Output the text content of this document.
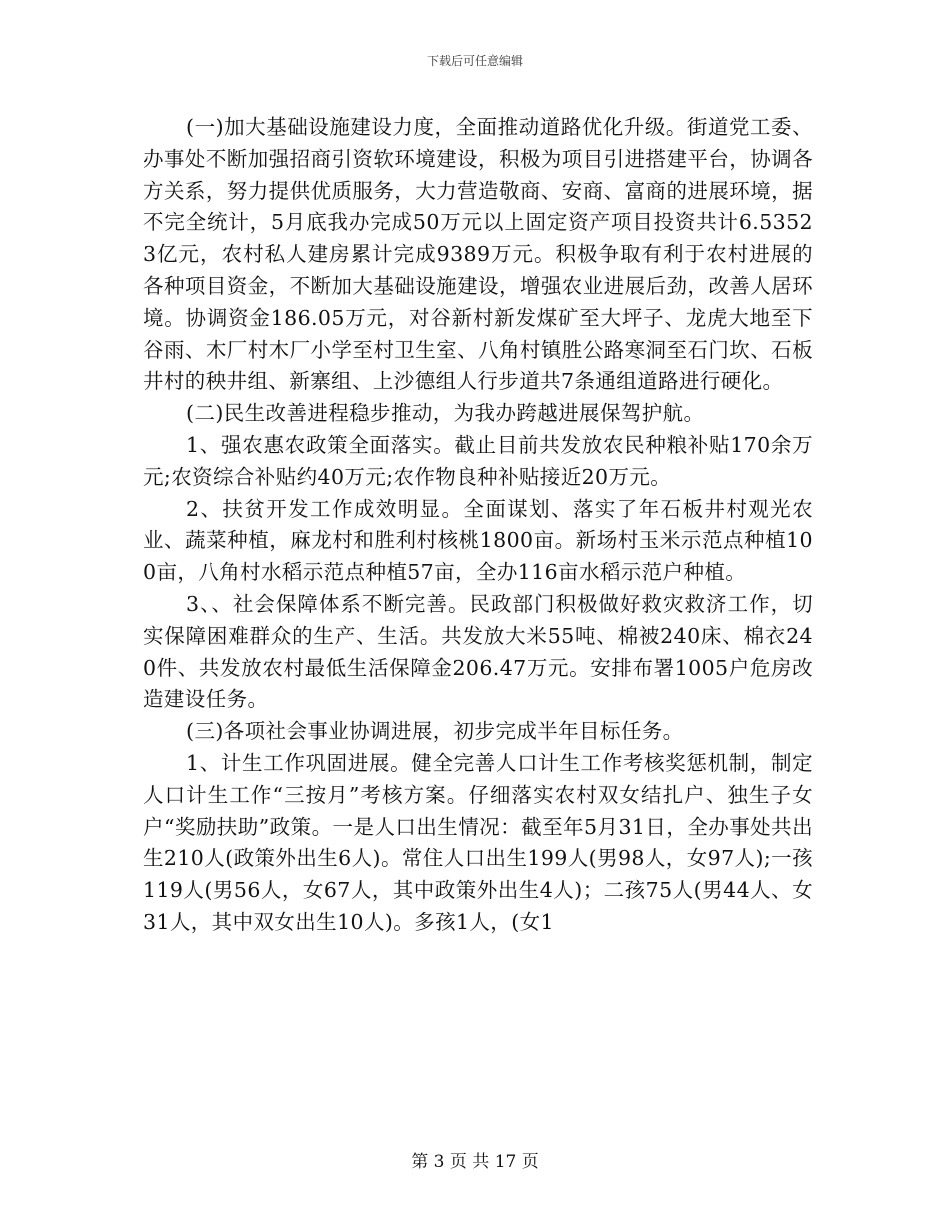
下载后可任意编辑

(一)加大基础设施建设力度，全面推动道路优化升级。街道党工委、办事处不断加强招商引资软环境建设，积极为项目引进搭建平台，协调各方关系，努力提供优质服务，大力营造敬商、安商、富商的进展环境，据不完全统计，5月底我办完成50万元以上固定资产项目投资共计6.53523亿元，农村私人建房累计完成9389万元。积极争取有利于农村进展的各种项目资金，不断加大基础设施建设，增强农业进展后劲，改善人居环境。协调资金186.05万元，对谷新村新发煤矿至大坪子、龙虎大地至下谷雨、木厂村木厂小学至村卫生室、八角村镇胜公路寒洞至石门坎、石板井村的秧井组、新寨组、上沙德组人行步道共7条通组道路进行硬化。

(二)民生改善进程稳步推动，为我办跨越进展保驾护航。

1、强农惠农政策全面落实。截止目前共发放农民种粮补贴170余万元;农资综合补贴约40万元;农作物良种补贴接近20万元。

2、扶贫开发工作成效明显。全面谋划、落实了年石板井村观光农业、蔬菜种植，麻龙村和胜利村核桃1800亩。新场村玉米示范点种植100亩，八角村水稻示范点种植57亩，全办116亩水稻示范户种植。

3、、社会保障体系不断完善。民政部门积极做好救灾救济工作，切实保障困难群众的生产、生活。共发放大米55吨、棉被240床、棉衣240件、共发放农村最低生活保障金206.47万元。安排布署1005户危房改造建设任务。

(三)各项社会事业协调进展，初步完成半年目标任务。

1、计生工作巩固进展。健全完善人口计生工作考核奖惩机制，制定人口计生工作“三按月”考核方案。仔细落实农村双女结扎户、独生子女户“奖励扶助”政策。一是人口出生情况：截至年5月31日，全办事处共出生210人(政策外出生6人)。常住人口出生199人(男98人，女97人);一孩119人(男56人，女67人，其中政策外出生4人)；二孩75人(男44人、女31人，其中双女出生10人)。多孩1人，(女1

第 3 页 共 17 页
